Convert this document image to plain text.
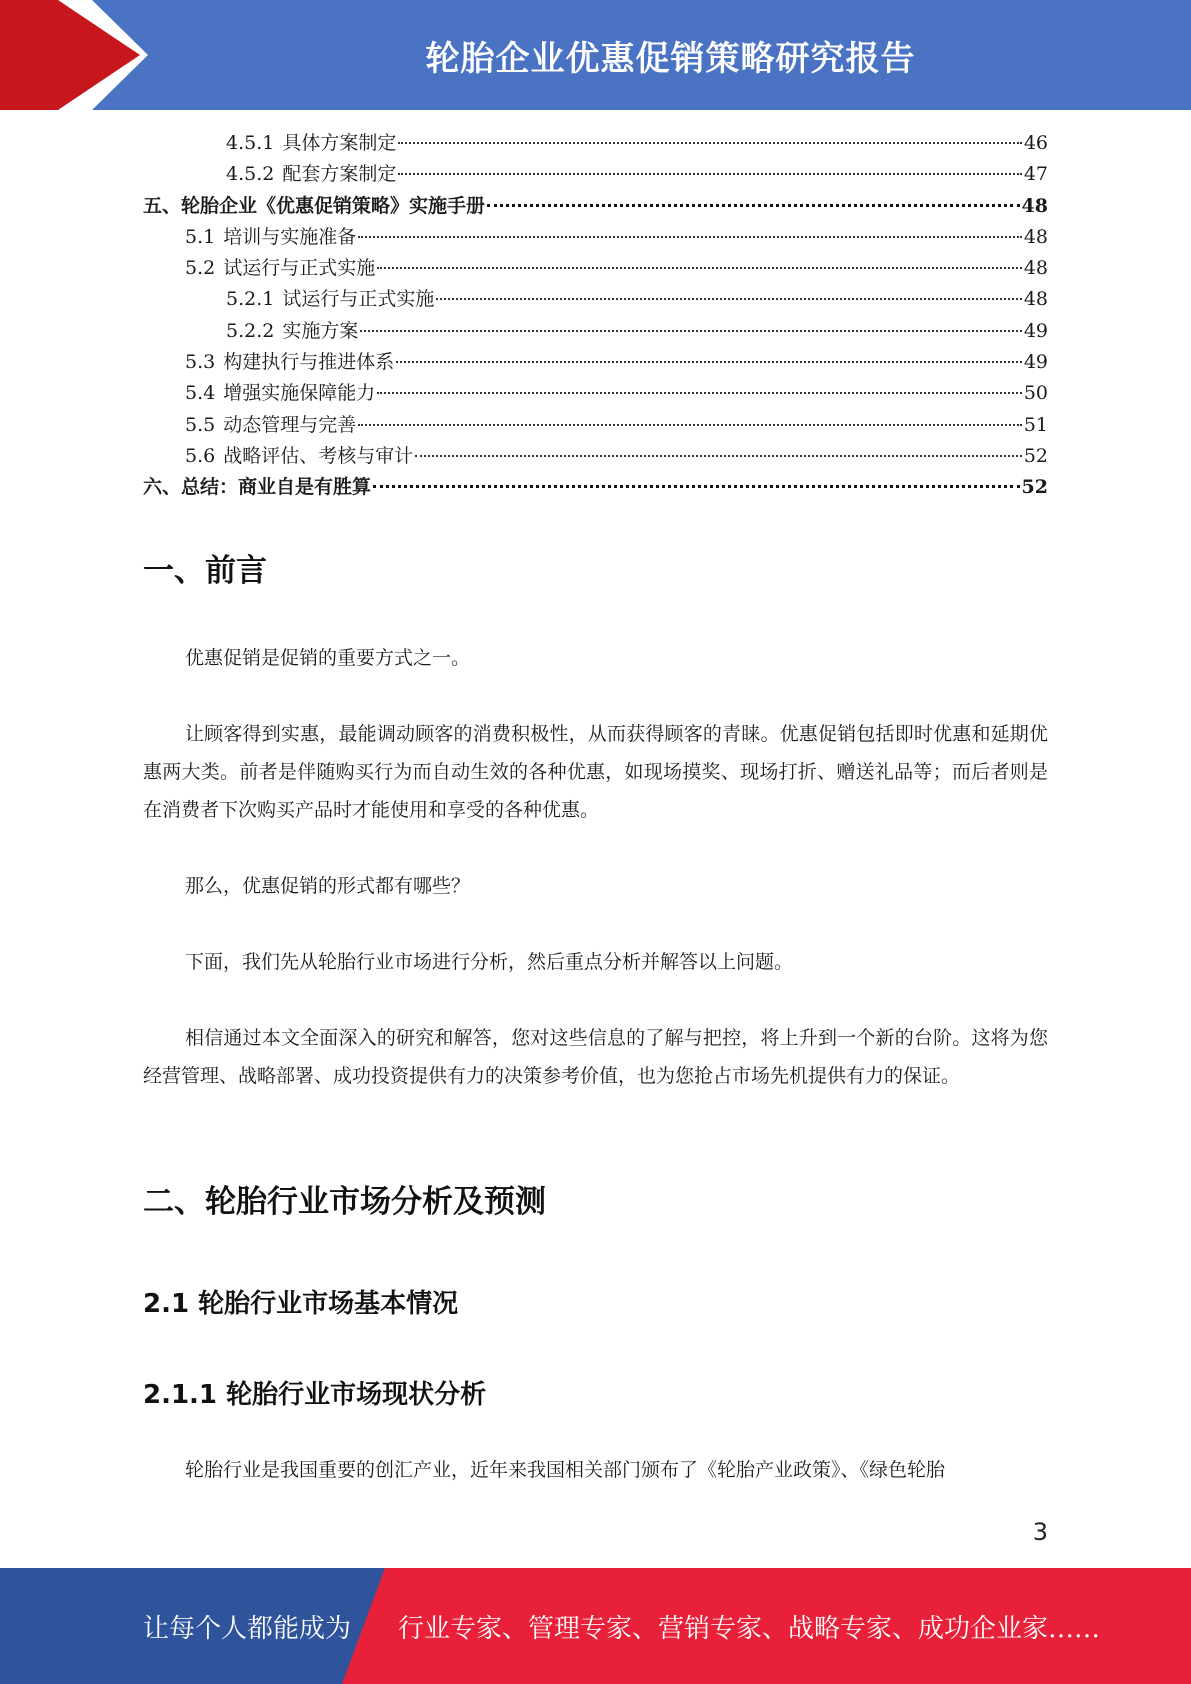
轮胎企业优惠促销策略研究报告
4.5.1 具体方案制定	46
4.5.2 配套方案制定	47
五、轮胎企业《优惠促销策略》实施手册	48
5.1 培训与实施准备	48
5.2 试运行与正式实施	48
5.2.1 试运行与正式实施	48
5.2.2 实施方案	49
5.3 构建执行与推进体系	49
5.4 增强实施保障能力	50
5.5 动态管理与完善	51
5.6 战略评估、考核与审计	52
六、总结：商业自是有胜算	52
一、前言
优惠促销是促销的重要方式之一。
让顾客得到实惠，最能调动顾客的消费积极性，从而获得顾客的青睐。优惠促销包括即时优惠和延期优惠两大类。前者是伴随购买行为而自动生效的各种优惠，如现场摸奖、现场打折、赠送礼品等；而后者则是在消费者下次购买产品时才能使用和享受的各种优惠。
那么，优惠促销的形式都有哪些？
下面，我们先从轮胎行业市场进行分析，然后重点分析并解答以上问题。
相信通过本文全面深入的研究和解答，您对这些信息的了解与把控，将上升到一个新的台阶。这将为您经营管理、战略部署、成功投资提供有力的决策参考价值，也为您抢占市场先机提供有力的保证。
二、轮胎行业市场分析及预测
2.1 轮胎行业市场基本情况
2.1.1 轮胎行业市场现状分析
轮胎行业是我国重要的创汇产业，近年来我国相关部门颁布了《轮胎产业政策》、《绿色轮胎
3
让每个人都能成为 行业专家、管理专家、营销专家、战略专家、成功企业家……
